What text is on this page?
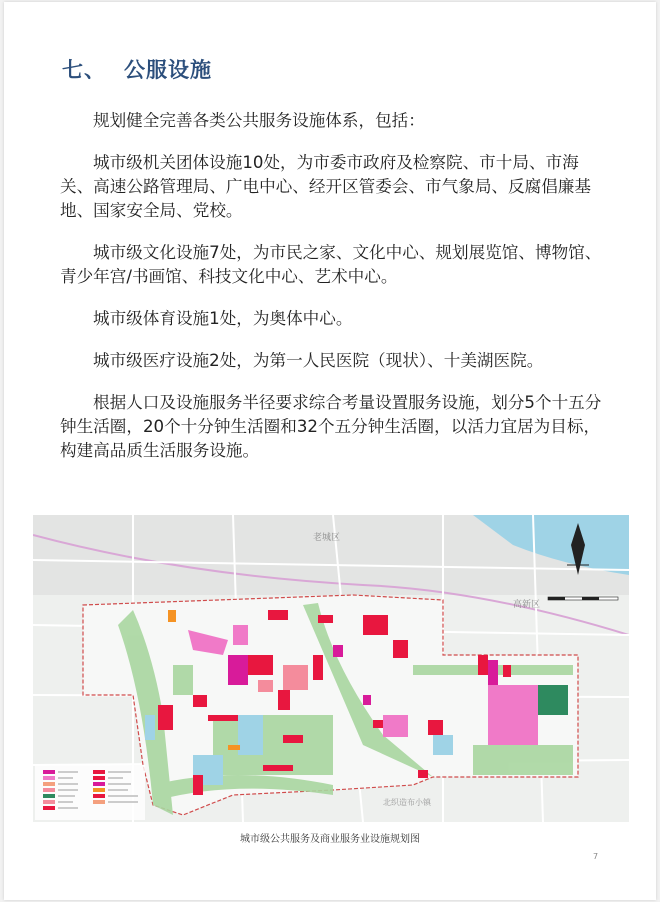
七、 公服设施

规划健全完善各类公共服务设施体系，包括：

城市级机关团体设施10处，为市委市政府及检察院、市十局、市海关、高速公路管理局、广电中心、经开区管委会、市气象局、反腐倡廉基地、国家安全局、党校。

城市级文化设施7处，为市民之家、文化中心、规划展览馆、博物馆、青少年宫/书画馆、科技文化中心、艺术中心。

城市级体育设施1处，为奥体中心。

城市级医疗设施2处，为第一人民医院（现状）、十美湖医院。

根据人口及设施服务半径要求综合考量设置服务设施，划分5个十五分钟生活圈，20个十分钟生活圈和32个五分钟生活圈，以活力宜居为目标，构建高品质生活服务设施。

老城区
高新区
北织造布小镇
城市级公共服务及商业服务业设施规划图
7
